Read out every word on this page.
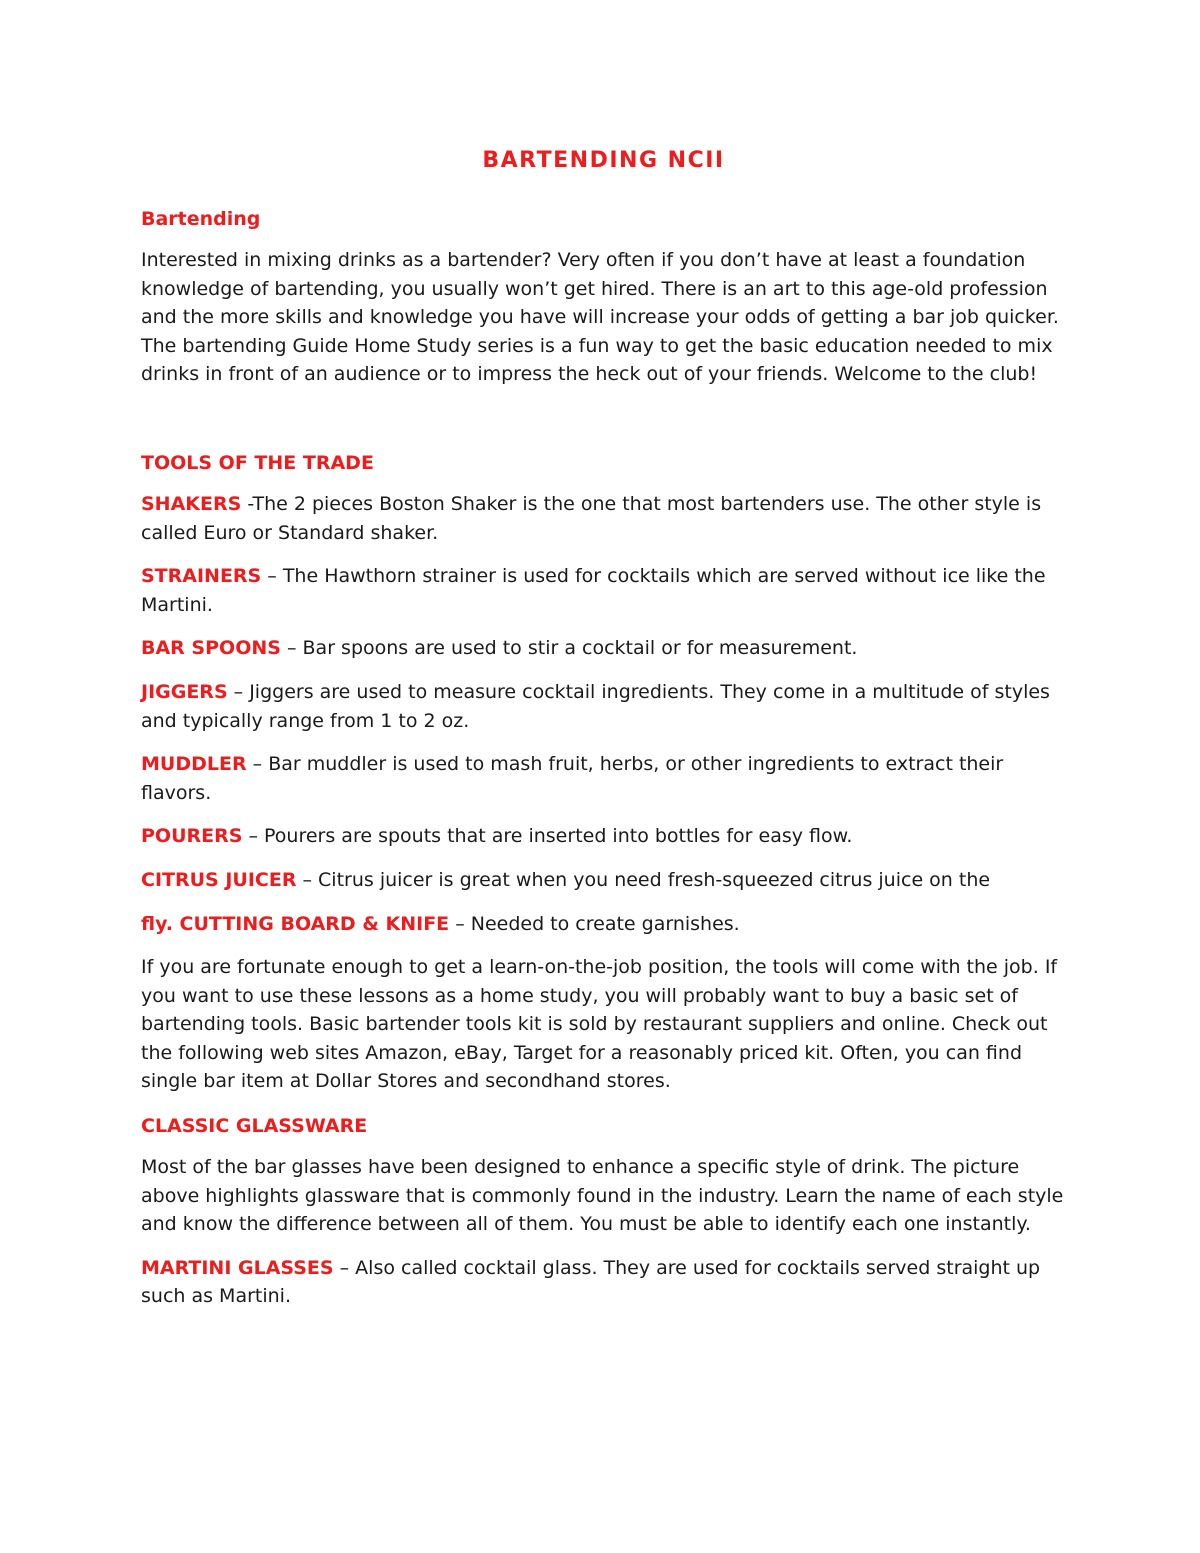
BARTENDING NCII
Bartending

Interested in mixing drinks as a bartender? Very often if you don’t have at least a foundation knowledge of bartending, you usually won’t get hired. There is an art to this age-old profession and the more skills and knowledge you have will increase your odds of getting a bar job quicker. The bartending Guide Home Study series is a fun way to get the basic education needed to mix drinks in front of an audience or to impress the heck out of your friends. Welcome to the club!

TOOLS OF THE TRADE

SHAKERS -The 2 pieces Boston Shaker is the one that most bartenders use. The other style is called Euro or Standard shaker.

STRAINERS – The Hawthorn strainer is used for cocktails which are served without ice like the Martini.

BAR SPOONS – Bar spoons are used to stir a cocktail or for measurement.

JIGGERS – Jiggers are used to measure cocktail ingredients. They come in a multitude of styles and typically range from 1 to 2 oz.

MUDDLER – Bar muddler is used to mash fruit, herbs, or other ingredients to extract their flavors.

POURERS – Pourers are spouts that are inserted into bottles for easy flow.

CITRUS JUICER – Citrus juicer is great when you need fresh-squeezed citrus juice on the

fly. CUTTING BOARD & KNIFE – Needed to create garnishes.

If you are fortunate enough to get a learn-on-the-job position, the tools will come with the job. If you want to use these lessons as a home study, you will probably want to buy a basic set of bartending tools. Basic bartender tools kit is sold by restaurant suppliers and online. Check out the following web sites Amazon, eBay, Target for a reasonably priced kit. Often, you can find single bar item at Dollar Stores and secondhand stores.

CLASSIC GLASSWARE

Most of the bar glasses have been designed to enhance a specific style of drink. The picture above highlights glassware that is commonly found in the industry. Learn the name of each style and know the difference between all of them. You must be able to identify each one instantly.

MARTINI GLASSES – Also called cocktail glass. They are used for cocktails served straight up such as Martini.
